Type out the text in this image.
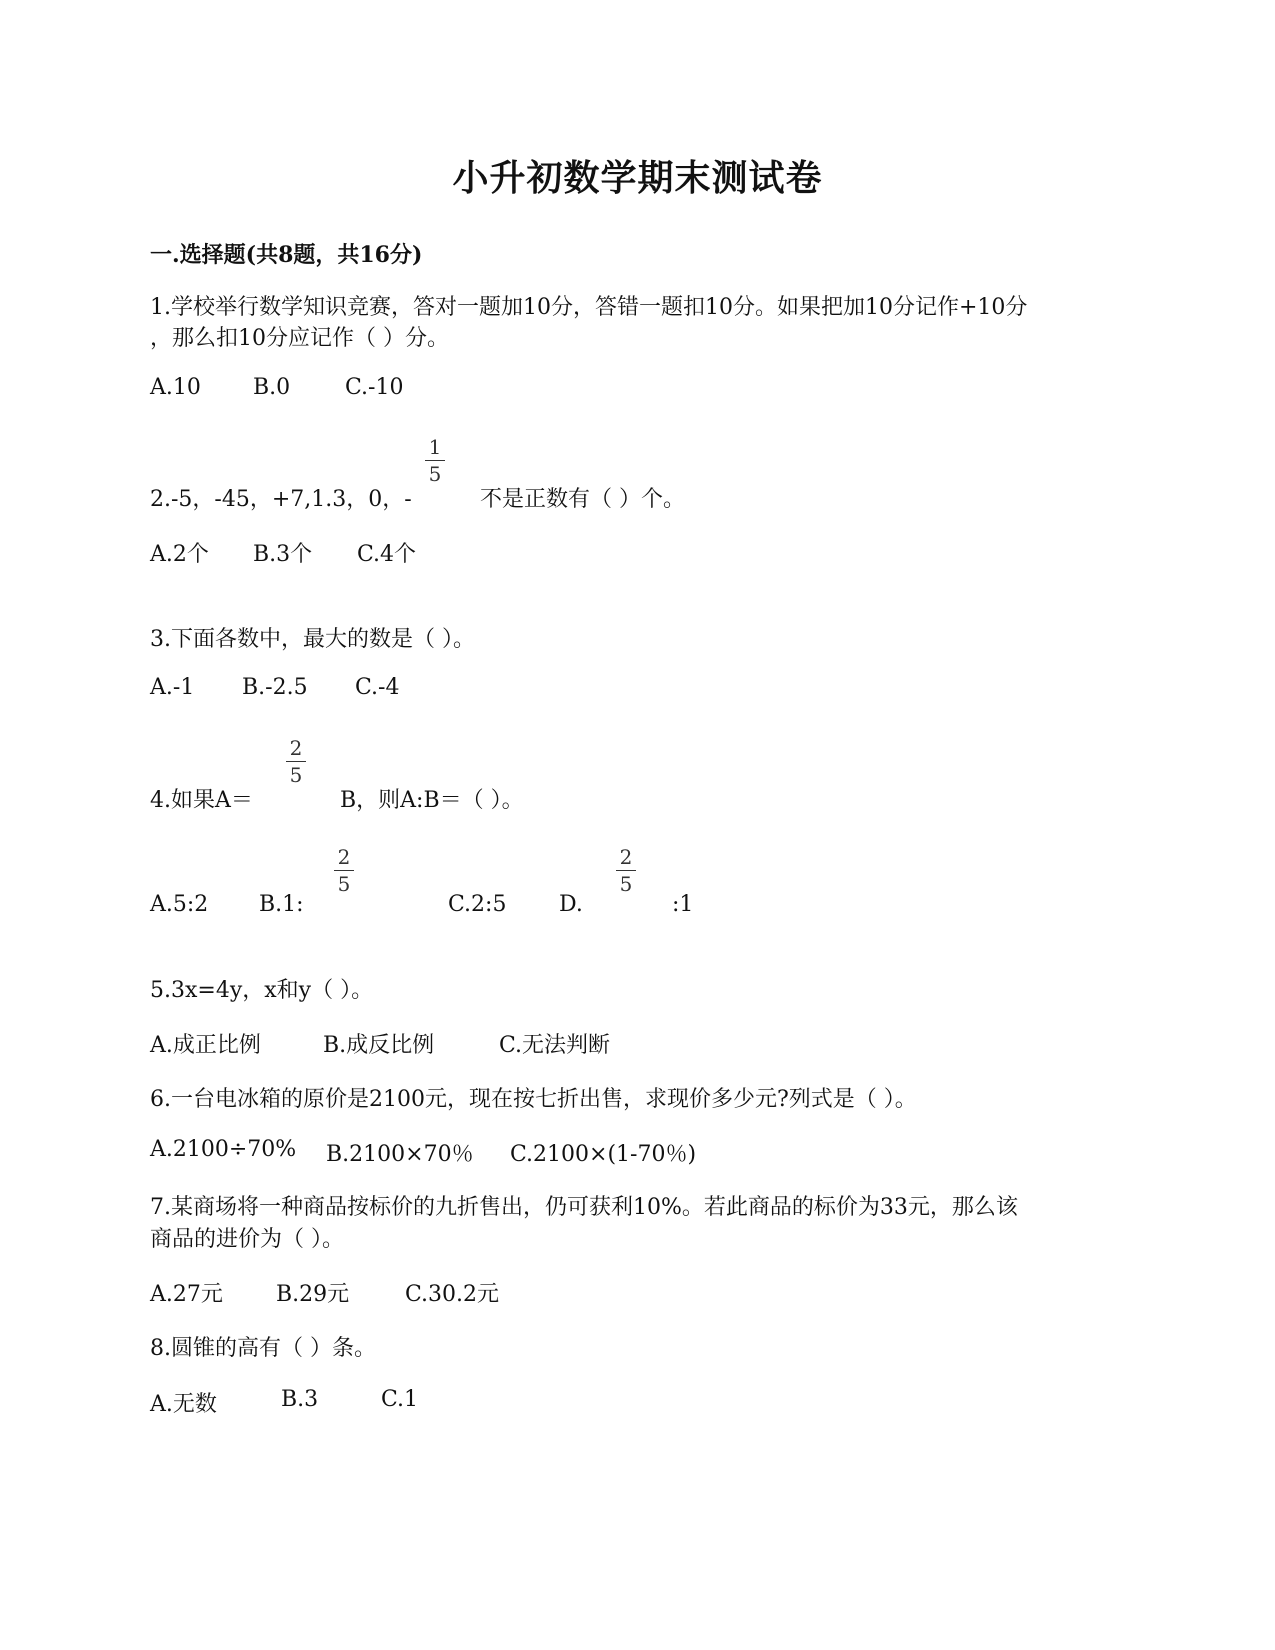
小升初数学期末测试卷
一.选择题(共8题，共16分)
1.学校举行数学知识竞赛，答对一题加10分，答错一题扣10分。如果把加10分记作+10分
，那么扣10分应记作（ ）分。
A.10 B.0 C.-10
2.-5，-45，+7,1.3，0，-
1
5
不是正数有（ ）个。
A.2个 B.3个 C.4个
3.下面各数中，最大的数是（ ）。
A.-1 B.-2.5 C.-4
4.如果A＝
2
5
B，则A:B＝（ ）。
A.5:2 B.1:
2
5
C.2:5 D.
2
5
:1
5.3x=4y，x和y（ ）。
A.成正比例	B.成反比例	C.无法判断
6.一台电冰箱的原价是2100元，现在按七折出售，求现价多少元?列式是（ ）。
A.2100÷70% B.2100×70％ C.2100×(1-70％)
7.某商场将一种商品按标价的九折售出，仍可获利10%。若此商品的标价为33元，那么该
商品的进价为（ ）。
A.27元 B.29元	C.30.2元
8.圆锥的高有（ ）条。
A.无数	B.3	C.1
